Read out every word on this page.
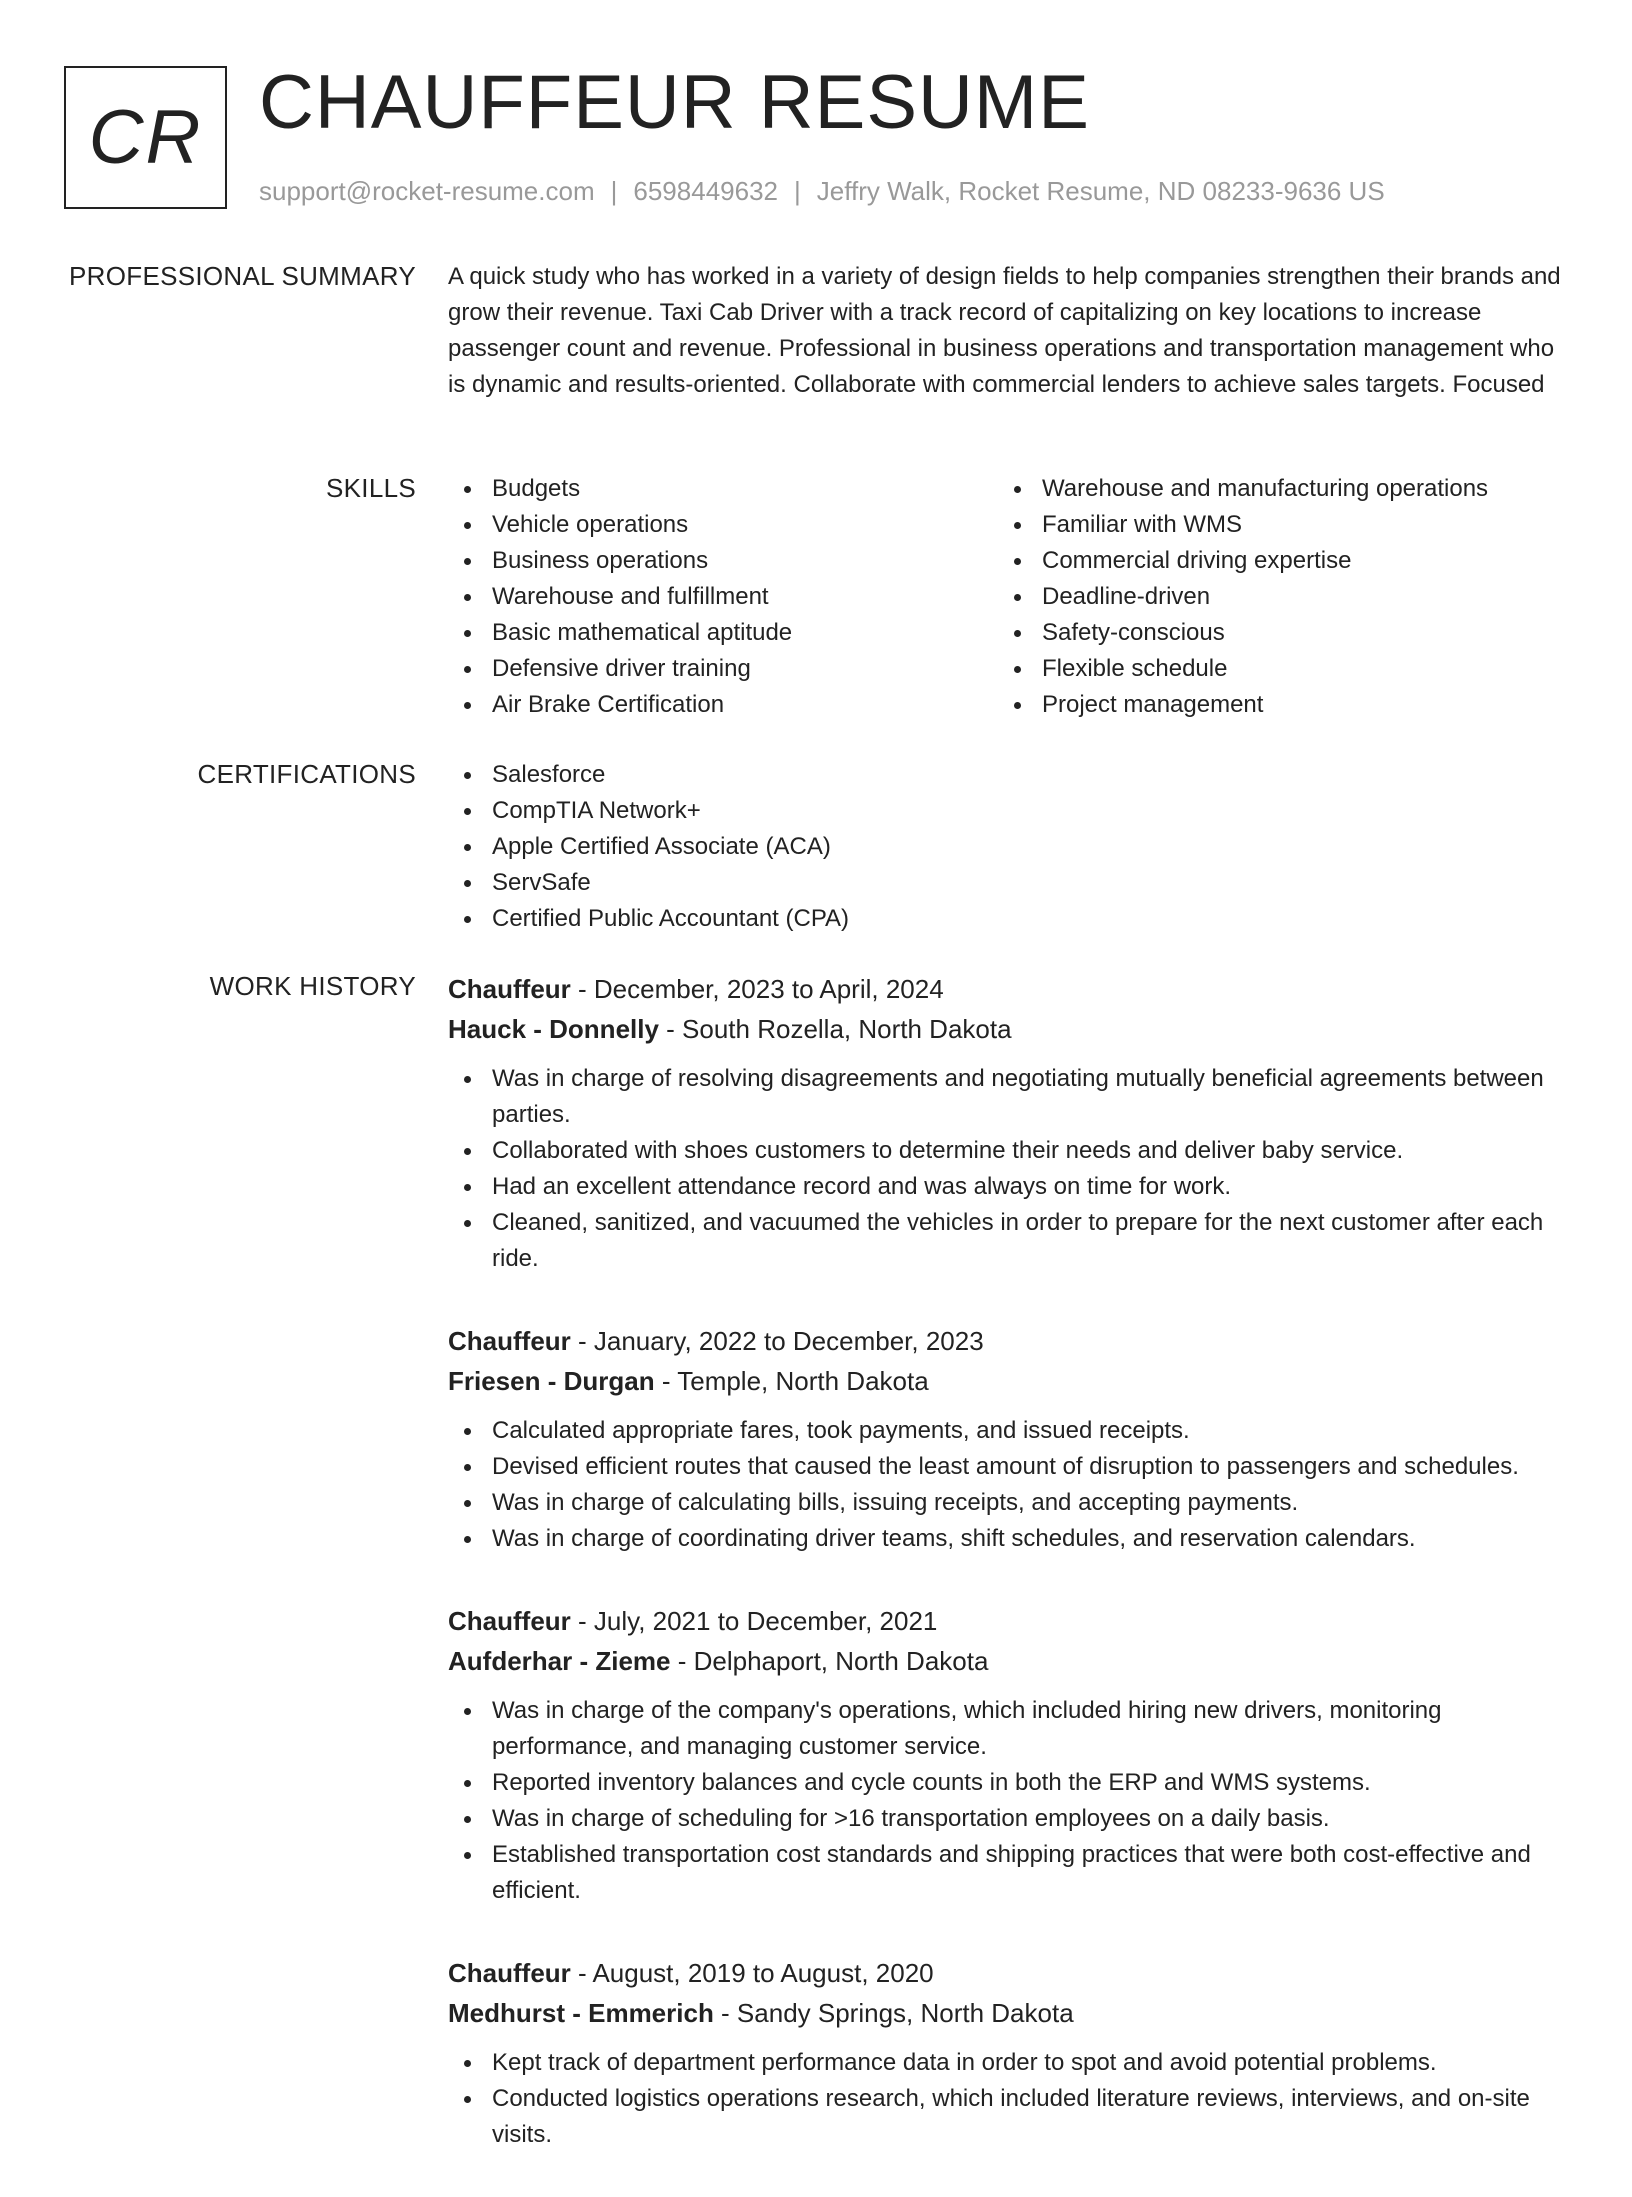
CR CHAUFFEUR RESUME
support@rocket-resume.com | 6598449632 | Jeffry Walk, Rocket Resume, ND 08233-9636 US
PROFESSIONAL SUMMARY A quick study who has worked in a variety of design fields to help companies strengthen their brands and grow their revenue. Taxi Cab Driver with a track record of capitalizing on key locations to increase passenger count and revenue. Professional in business operations and transportation management who is dynamic and results-oriented. Collaborate with commercial lenders to achieve sales targets. Focused
SKILLS	Budgets
Vehicle operations
Business operations
Warehouse and fulfillment
Basic mathematical aptitude
Defensive driver training
Air Brake Certification
Warehouse and manufacturing operations
Familiar with WMS
Commercial driving expertise
Deadline-driven
Safety-conscious
Flexible schedule
Project management
CERTIFICATIONS	Salesforce
CompTIA Network+
Apple Certified Associate (ACA)
ServSafe
Certified Public Accountant (CPA)
WORK HISTORY Chauffeur - December, 2023 to April, 2024
Hauck - Donnelly - South Rozella, North Dakota
Was in charge of resolving disagreements and negotiating mutually beneficial agreements between parties.
Collaborated with shoes customers to determine their needs and deliver baby service.
Had an excellent attendance record and was always on time for work.
Cleaned, sanitized, and vacuumed the vehicles in order to prepare for the next customer after each ride.
Chauffeur - January, 2022 to December, 2023
Friesen - Durgan - Temple, North Dakota
Calculated appropriate fares, took payments, and issued receipts.
Devised efficient routes that caused the least amount of disruption to passengers and schedules.
Was in charge of calculating bills, issuing receipts, and accepting payments.
Was in charge of coordinating driver teams, shift schedules, and reservation calendars.
Chauffeur - July, 2021 to December, 2021
Aufderhar - Zieme - Delphaport, North Dakota
Was in charge of the company's operations, which included hiring new drivers, monitoring performance, and managing customer service.
Reported inventory balances and cycle counts in both the ERP and WMS systems.
Was in charge of scheduling for >16 transportation employees on a daily basis.
Established transportation cost standards and shipping practices that were both cost-effective and efficient.
Chauffeur - August, 2019 to August, 2020
Medhurst - Emmerich - Sandy Springs, North Dakota
Kept track of department performance data in order to spot and avoid potential problems.
Conducted logistics operations research, which included literature reviews, interviews, and on-site visits.
